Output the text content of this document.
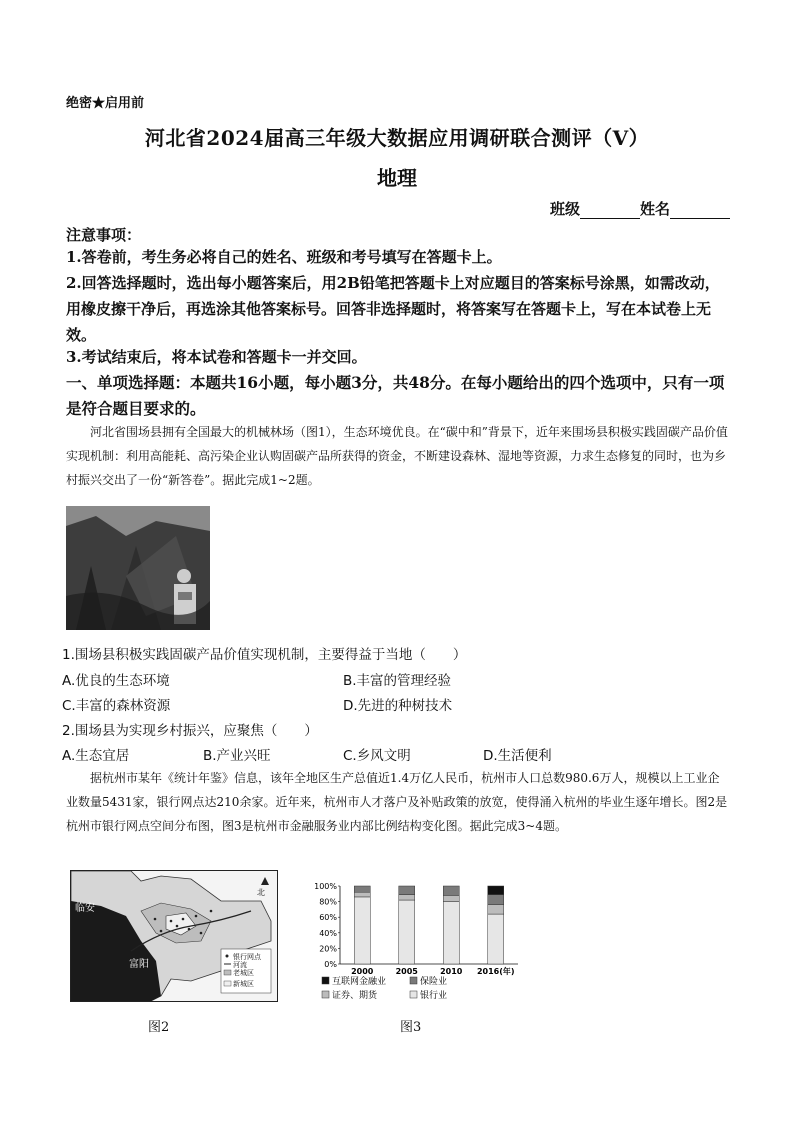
绝密★启用前
河北省2024届高三年级大数据应用调研联合测评（V）
地理
班级	姓名
注意事项：
1.答卷前，考生务必将自己的姓名、班级和考号填写在答题卡上。
2.回答选择题时，选出每小题答案后，用2B铅笔把答题卡上对应题目的答案标号涂黑，如需改动，用橡皮擦干净后，再选涂其他答案标号。回答非选择题时，将答案写在答题卡上，写在本试卷上无效。
3.考试结束后，将本试卷和答题卡一并交回。
一、单项选择题：本题共16小题，每小题3分，共48分。在每小题给出的四个选项中，只有一项是符合题目要求的。
河北省围场县拥有全国最大的机械林场（图1），生态环境优良。在“碳中和”背景下，近年来围场县积极实践固碳产品价值实现机制：利用高能耗、高污染企业认购固碳产品所获得的资金，不断建设森林、湿地等资源，力求生态修复的同时，也为乡村振兴交出了一份“新答卷”。据此完成1~2题。
1.围场县积极实践固碳产品价值实现机制，主要得益于当地（　　）
A.优良的生态环境	B.丰富的管理经验
C.丰富的森林资源	D.先进的种树技术
2.围场县为实现乡村振兴，应聚焦（　　）
A.生态宜居	B.产业兴旺	C.乡风文明	D.生活便利
据杭州市某年《统计年鉴》信息，该年全地区生产总值近1.4万亿人民币，杭州市人口总数980.6万人，规模以上工业企业数量5431家，银行网点达210余家。近年来，杭州市人才落户及补贴政策的放宽，使得涌入杭州的毕业生逐年增长。图2是杭州市银行网点空间分布图，图3是杭州市金融服务业内部比例结构变化图。据此完成3~4题。
临安
富阳
北
银行网点
河流
老城区
新城区
图2
100%
80%
60%
40%
20%
0%
2000	2005	2010 2016(年)
互联网金融业	保险业
证券、期货	银行业
图3
